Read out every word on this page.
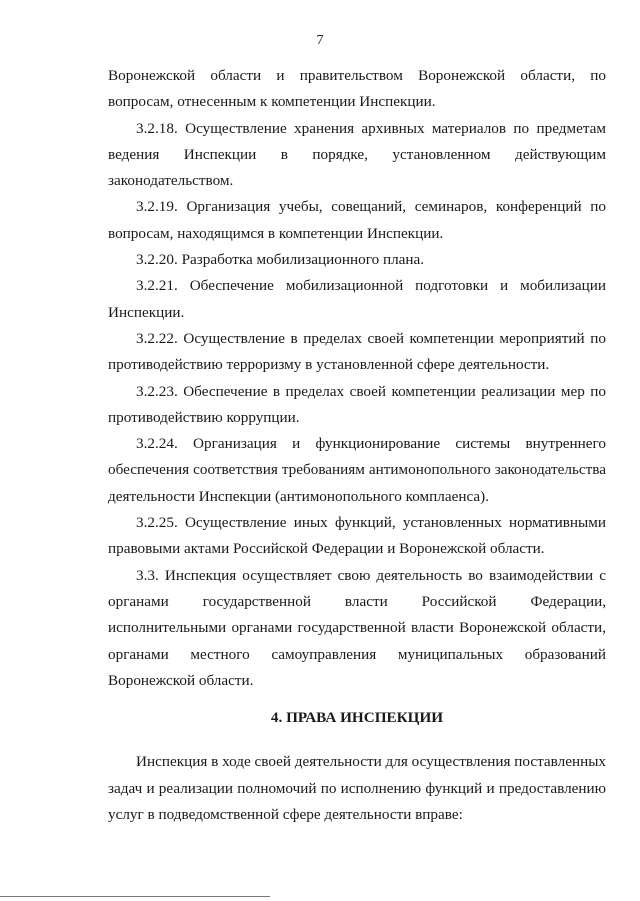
7

Воронежской области и правительством Воронежской области, по вопросам, отнесенным к компетенции Инспекции.

3.2.18. Осуществление хранения архивных материалов по предметам ведения Инспекции в порядке, установленном действующим законодательством.

3.2.19. Организация учебы, совещаний, семинаров, конференций по вопросам, находящимся в компетенции Инспекции.

3.2.20. Разработка мобилизационного плана.

3.2.21. Обеспечение мобилизационной подготовки и мобилизации Инспекции.

3.2.22. Осуществление в пределах своей компетенции мероприятий по противодействию терроризму в установленной сфере деятельности.

3.2.23. Обеспечение в пределах своей компетенции реализации мер по противодействию коррупции.

3.2.24. Организация и функционирование системы внутреннего обеспечения соответствия требованиям антимонопольного законодательства деятельности Инспекции (антимонопольного комплаенса).

3.2.25. Осуществление иных функций, установленных нормативными правовыми актами Российской Федерации и Воронежской области.

3.3. Инспекция осуществляет свою деятельность во взаимодействии с органами государственной власти Российской Федерации, исполнительными органами государственной власти Воронежской области, органами местного самоуправления муниципальных образований Воронежской области.

4. ПРАВА ИНСПЕКЦИИ

Инспекция в ходе своей деятельности для осуществления поставленных задач и реализации полномочий по исполнению функций и предоставлению услуг в подведомственной сфере деятельности вправе:
